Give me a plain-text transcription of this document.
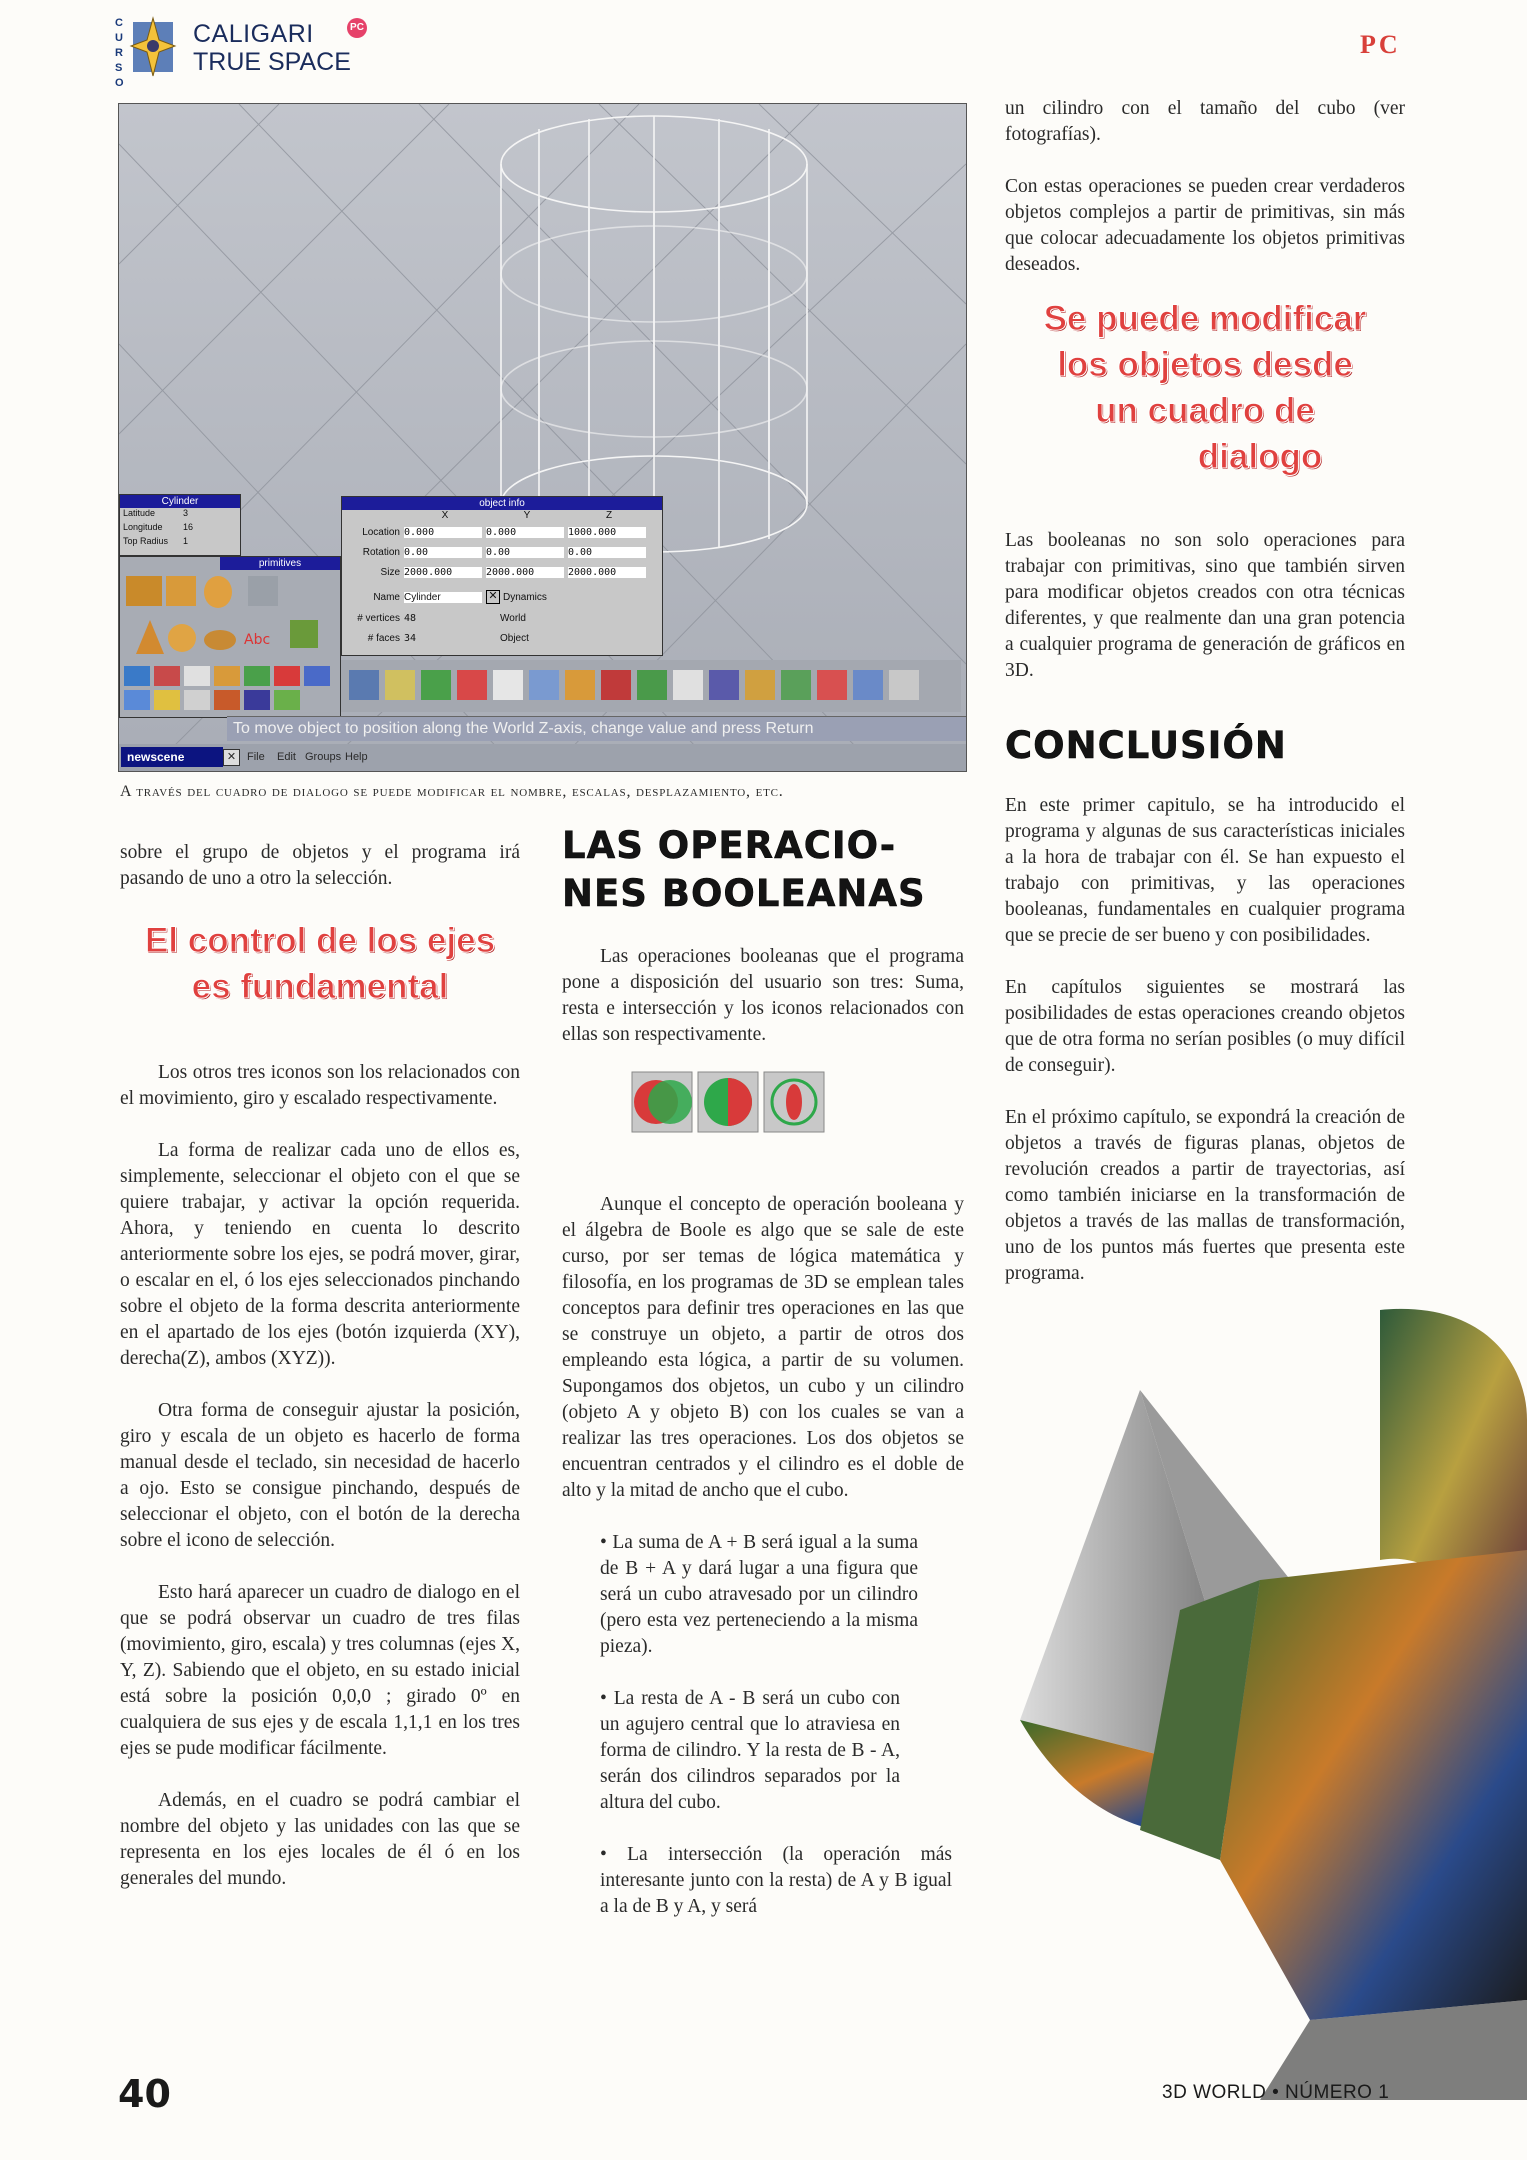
C
U
R
S
O
CALIGARI
TRUE SPACE
PC
PC
Cylinder
Latitude	3
Longitude	16
Top Radius	1
primitives
Abc
object info
X	Y	Z
Location 0.000	0.000	1000.000
Rotation 0.00	0.00	0.00
Size 2000.000	2000.000	2000.000
Name Cylinder	✕ Dynamics
# vertices 48	World
# faces 34	Object
To move object to position along the World Z-axis, change value and press Return

newscene	✕ File Edit Groups Help
A través del cuadro de dialogo se puede modificar el nombre, escalas, desplazamiento, etc.

un cilindro con el tamaño del cubo (ver fotografías).

Con estas operaciones se pueden crear verdaderos objetos complejos a partir de primitivas, sin más que colocar adecuadamente los objetos primitivas deseados.

Se puede modificar
los objetos desde
un cuadro de
dialogo

Las booleanas no son solo operaciones para trabajar con primitivas, sino que también sirven para modificar objetos creados con otra técnicas diferentes, y que realmente dan una gran potencia a cualquier programa de generación de gráficos en 3D.

CONCLUSIÓN

En este primer capitulo, se ha introducido el programa y algunas de sus características iniciales a la hora de trabajar con él. Se han expuesto el trabajo con primitivas, y las operaciones booleanas, fundamentales en cualquier programa que se precie de ser bueno y con posibilidades.

En capítulos siguientes se mostrará las posibilidades de estas operaciones creando objetos que de otra forma no serían posibles (o muy difícil de conseguir).

En el próximo capítulo, se expondrá la creación de objetos a través de figuras planas, objetos de revolución creados a partir de trayectorias, así como también iniciarse en la transformación de objetos a través de las mallas de transformación, uno de los puntos más fuertes que presenta este programa.

sobre el grupo de objetos y el programa irá pasando de uno a otro la selección.

El control de los ejes
es fundamental

Los otros tres iconos son los relacionados con el movimiento, giro y escalado respectivamente.

La forma de realizar cada uno de ellos es, simplemente, seleccionar el objeto con el que se quiere trabajar, y activar la opción requerida. Ahora, y teniendo en cuenta lo descrito anteriormente sobre los ejes, se podrá mover, girar, o escalar en el, ó los ejes seleccionados pinchando sobre el objeto de la forma descrita anteriormente en el apartado de los ejes (botón izquierda (XY), derecha(Z), ambos (XYZ)).

Otra forma de conseguir ajustar la posición, giro y escala de un objeto es hacerlo de forma manual desde el teclado, sin necesidad de hacerlo a ojo. Esto se consigue pinchando, después de seleccionar el objeto, con el botón de la derecha sobre el icono de selección.

Esto hará aparecer un cuadro de dialogo en el que se podrá observar un cuadro de tres filas (movimiento, giro, escala) y tres columnas (ejes X, Y, Z). Sabiendo que el objeto, en su estado inicial está sobre la posición 0,0,0 ; girado 0º en cualquiera de sus ejes y de escala 1,1,1 en los tres ejes se pude modificar fácilmente.

Además, en el cuadro se podrá cambiar el nombre del objeto y las unidades con las que se representa en los ejes locales de él ó en los generales del mundo.

LAS OPERACIO-
NES BOOLEANAS

Las operaciones booleanas que el programa pone a disposición del usuario son tres: Suma, resta e intersección y los iconos relacionados con ellas son respectivamente.

Aunque el concepto de operación booleana y el álgebra de Boole es algo que se sale de este curso, por ser temas de lógica matemática y filosofía, en los programas de 3D se emplean tales conceptos para definir tres operaciones en las que se construye un objeto, a partir de otros dos empleando esta lógica, a partir de su volumen. Supongamos dos objetos, un cubo y un cilindro (objeto A y objeto B) con los cuales se van a realizar las tres operaciones. Los dos objetos se encuentran centrados y el cilindro es el doble de alto y la mitad de ancho que el cubo.

• La suma de A + B será igual a la suma de B + A y dará lugar a una figura que será un cubo atravesado por un cilindro (pero esta vez perteneciendo a la misma pieza).

• La resta de A - B será un cubo con un agujero central que lo atraviesa en forma de cilindro. Y la resta de B - A, serán dos cilindros separados por la altura del cubo.

• La intersección (la operación más interesante junto con la resta) de A y B igual a la de B y A, y será

40	3D WORLD • NÚMERO 1
